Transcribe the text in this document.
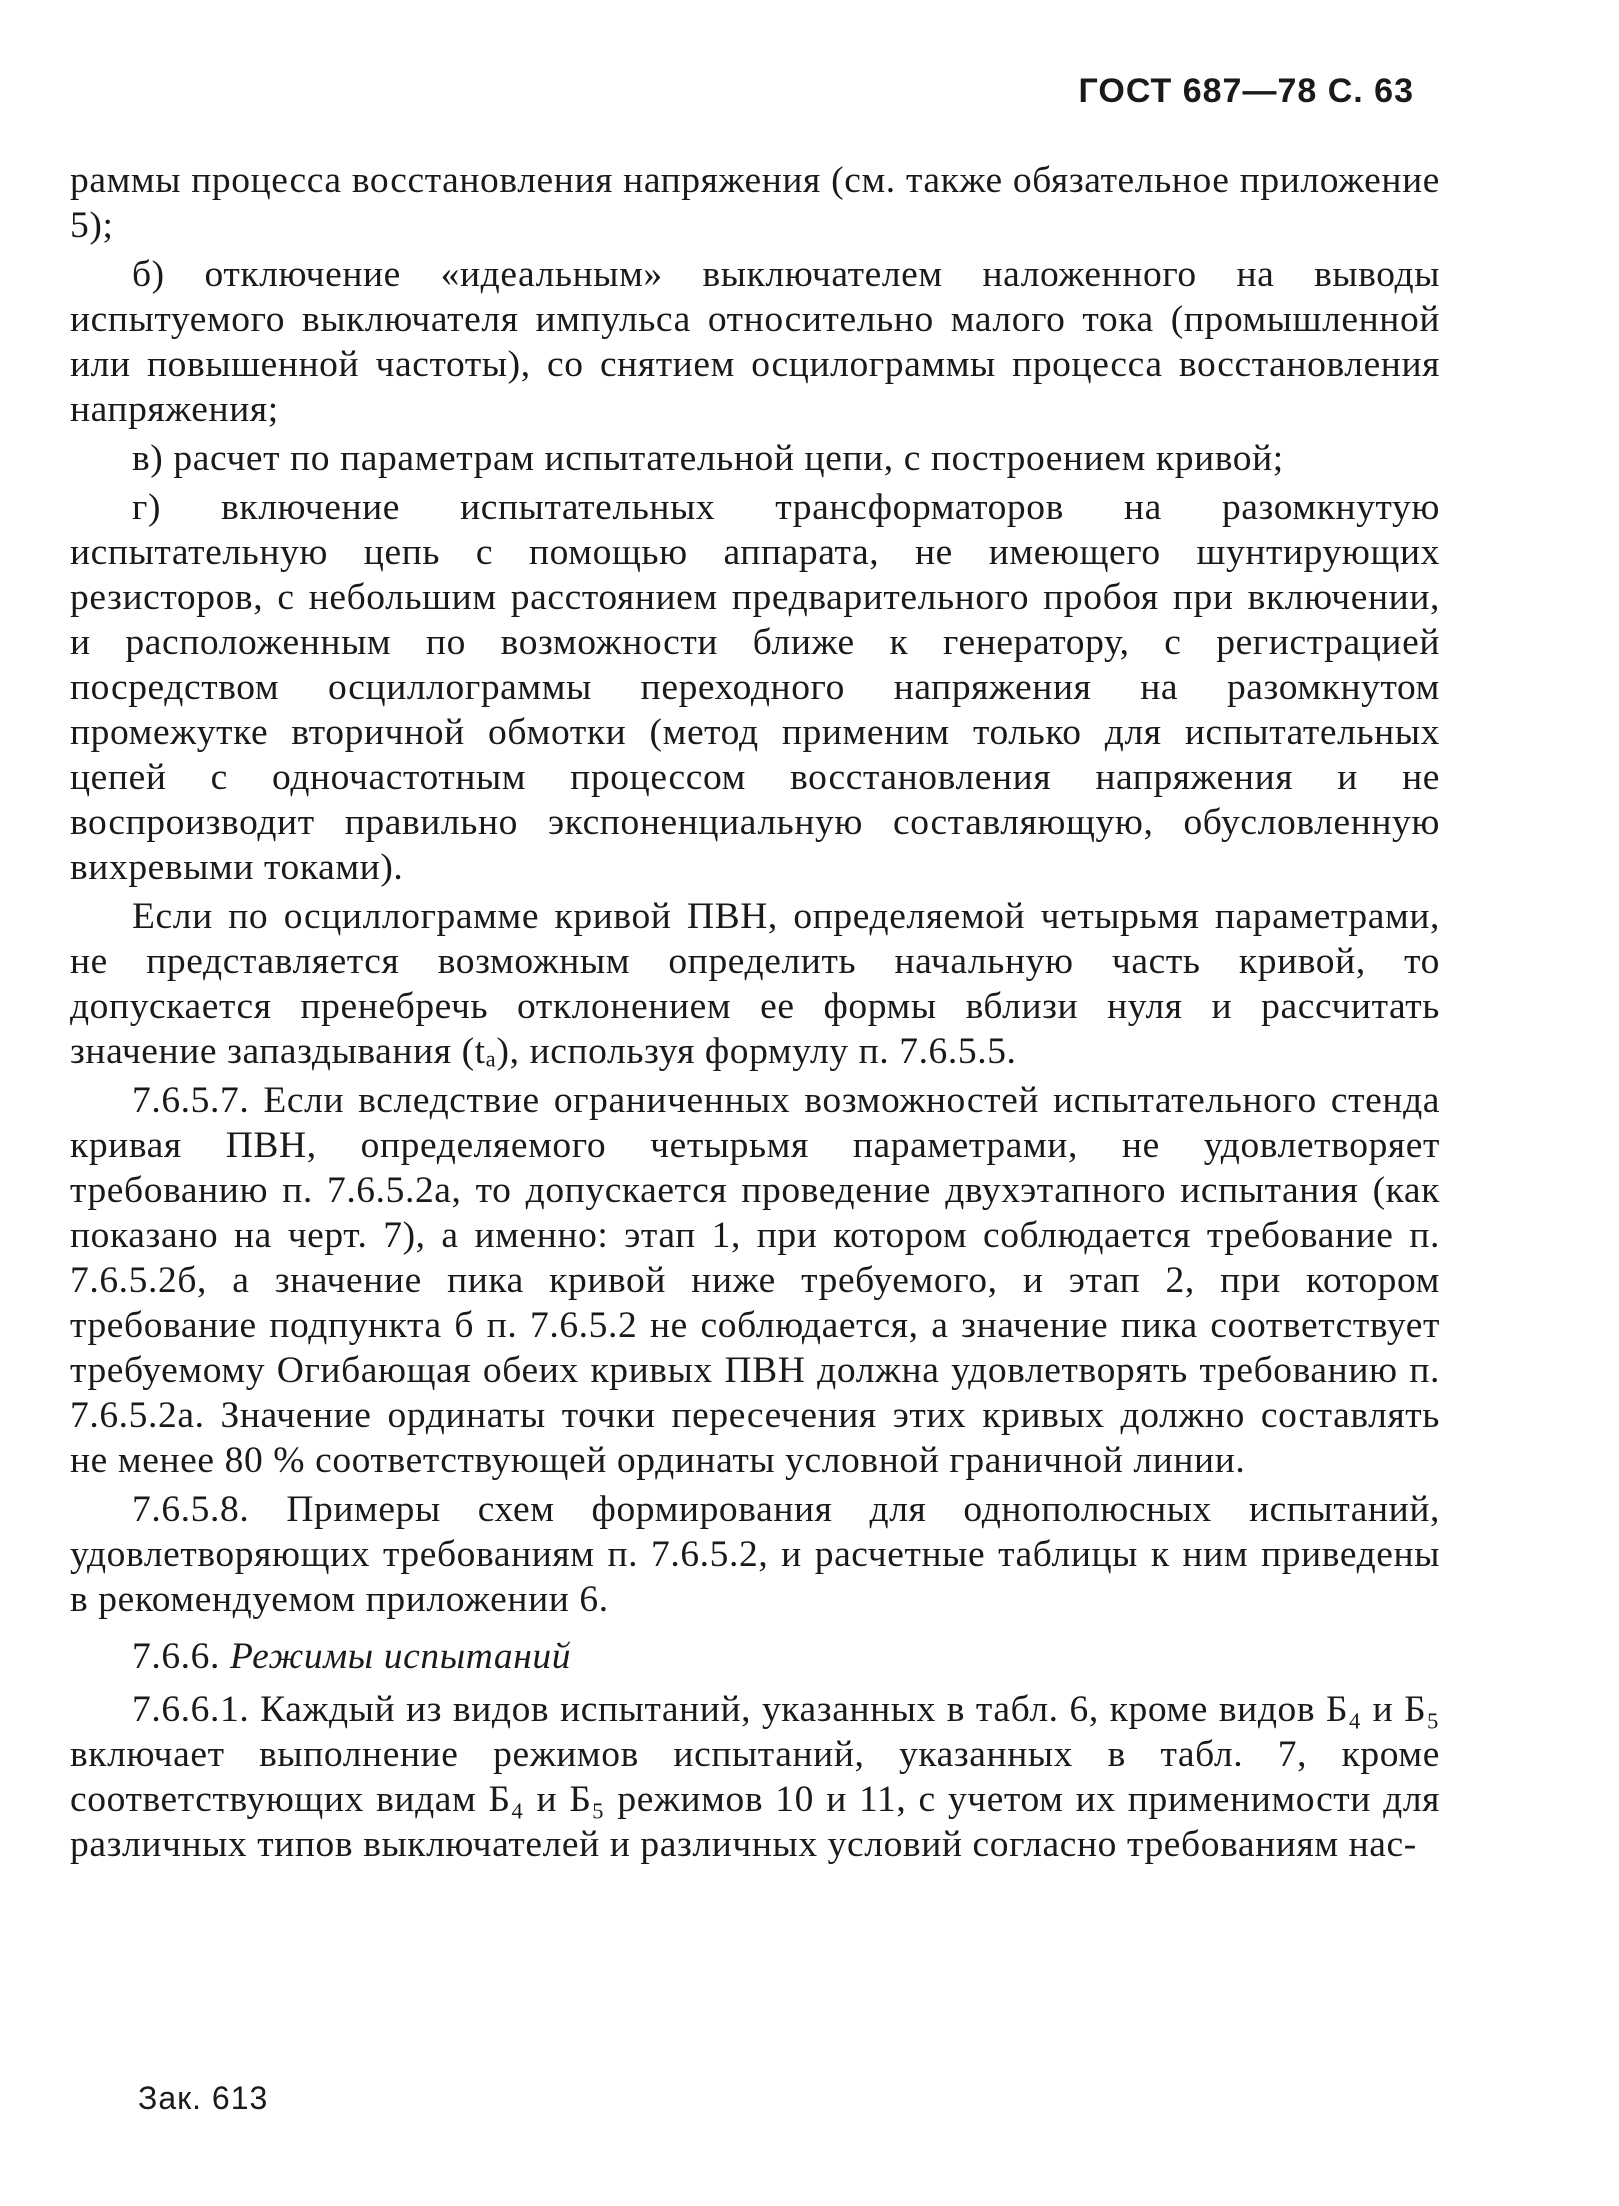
ГОСТ 687—78 С. 63

раммы процесса восстановления напряжения (см. также обязательное приложение 5);

б) отключение «идеальным» выключателем наложенного на выводы испытуемого выключателя импульса относительно малого тока (промышленной или повышенной частоты), со снятием осцилограммы процесса восстановления напряжения;

в) расчет по параметрам испытательной цепи, с построением кривой;

г) включение испытательных трансформаторов на разомкнутую испытательную цепь с помощью аппарата, не имеющего шунтирующих резисторов, с небольшим расстоянием предварительного пробоя при включении, и расположенным по возможности ближе к генератору, с регистрацией посредством осциллограммы переходного напряжения на разомкнутом промежутке вторичной обмотки (метод применим только для испытательных цепей с одночастотным процессом восстановления напряжения и не воспроизводит правильно экспоненциальную составляющую, обусловленную вихревыми токами).

Если по осциллограмме кривой ПВН, определяемой четырьмя параметрами, не представляется возможным определить начальную часть кривой, то допускается пренебречь отклонением ее формы вблизи нуля и рассчитать значение запаздывания (tₐ), используя формулу п. 7.6.5.5.

7.6.5.7. Если вследствие ограниченных возможностей испытательного стенда кривая ПВН, определяемого четырьмя параметрами, не удовлетворяет требованию п. 7.6.5.2а, то допускается проведение двухэтапного испытания (как показано на черт. 7), а именно: этап 1, при котором соблюдается требование п. 7.6.5.2б, а значение пика кривой ниже требуемого, и этап 2, при котором требование подпункта б п. 7.6.5.2 не соблюдается, а значение пика соответствует требуемому Огибающая обеих кривых ПВН должна удовлетворять требованию п. 7.6.5.2а. Значение ординаты точки пересечения этих кривых должно составлять не менее 80 % соответствующей ординаты условной граничной линии.

7.6.5.8. Примеры схем формирования для однополюсных испытаний, удовлетворяющих требованиям п. 7.6.5.2, и расчетные таблицы к ним приведены в рекомендуемом приложении 6.

7.6.6. Режимы испытаний

7.6.6.1. Каждый из видов испытаний, указанных в табл. 6, кроме видов Б₄ и Б₅ включает выполнение режимов испытаний, указанных в табл. 7, кроме соответствующих видам Б₄ и Б₅ режимов 10 и 11, с учетом их применимости для различных типов выключателей и различных условий согласно требованиям нас-

Зак. 613
